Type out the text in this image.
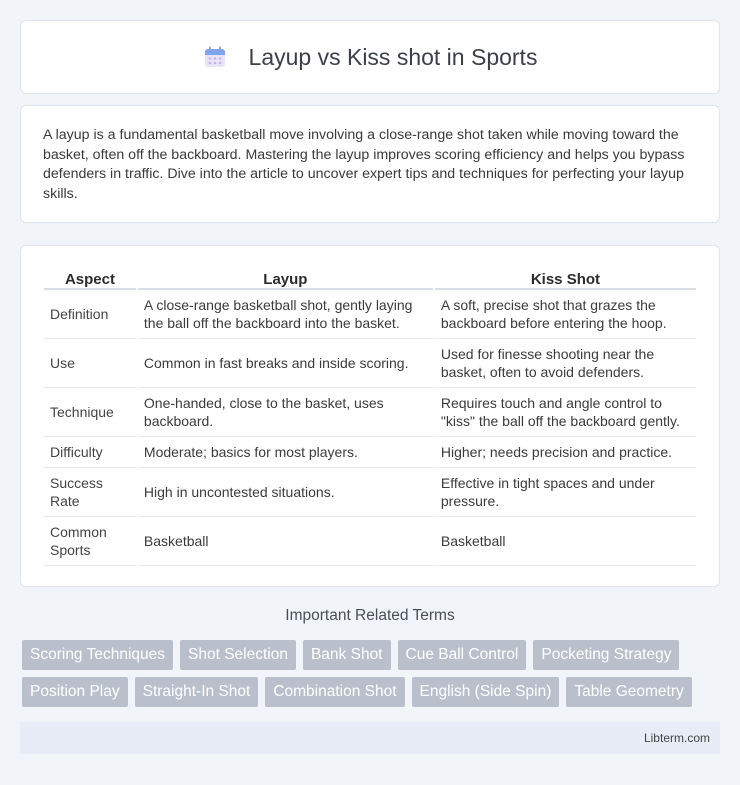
Layup vs Kiss shot in Sports

A layup is a fundamental basketball move involving a close-range shot taken while moving toward the basket, often off the backboard. Mastering the layup improves scoring efficiency and helps you bypass defenders in traffic. Dive into the article to uncover expert tips and techniques for perfecting your layup skills.

Aspect	Layup	Kiss Shot
Definition	A close-range basketball shot, gently laying the ball off the backboard into the basket.	A soft, precise shot that grazes the backboard before entering the hoop.
Use	Common in fast breaks and inside scoring.	Used for finesse shooting near the basket, often to avoid defenders.
Technique	One-handed, close to the basket, uses backboard.	Requires touch and angle control to "kiss" the ball off the backboard gently.
Difficulty	Moderate; basics for most players.	Higher; needs precision and practice.
Success Rate	High in uncontested situations.	Effective in tight spaces and under pressure.
Common Sports	Basketball	Basketball
Important Related Terms
Scoring Techniques	Shot Selection	Bank Shot	Cue Ball Control	Pocketing Strategy
Position Play	Straight-In Shot	Combination Shot	English (Side Spin)	Table Geometry
Libterm.com
